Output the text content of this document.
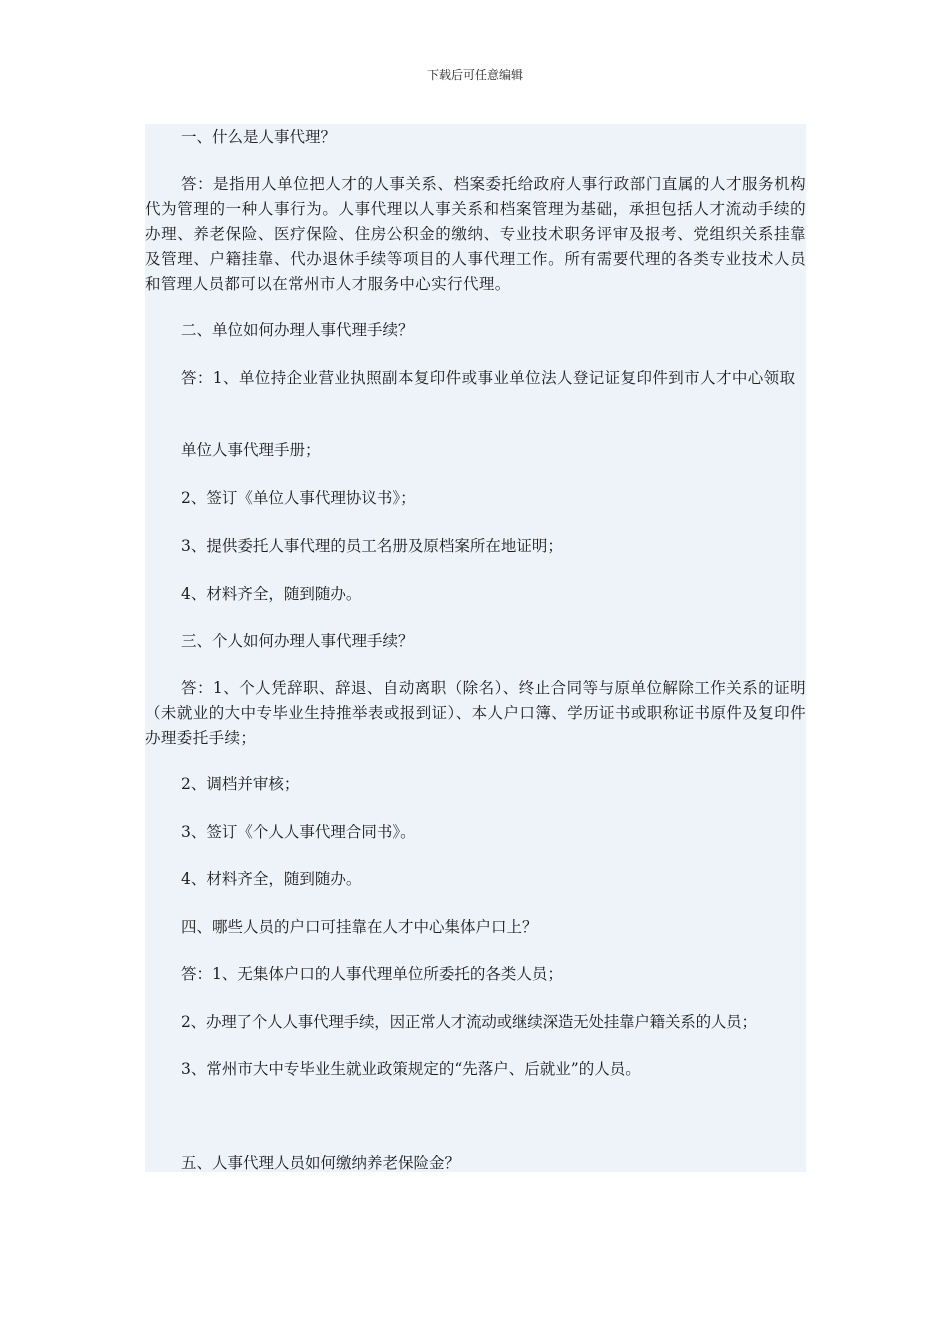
下载后可任意编辑
一、什么是人事代理？
答：是指用人单位把人才的人事关系、档案委托给政府人事行政部门直属的人才服务机构代为管理的一种人事行为。人事代理以人事关系和档案管理为基础，承担包括人才流动手续的办理、养老保险、医疗保险、住房公积金的缴纳、专业技术职务评审及报考、党组织关系挂靠及管理、户籍挂靠、代办退休手续等项目的人事代理工作。所有需要代理的各类专业技术人员和管理人员都可以在常州市人才服务中心实行代理。
二、单位如何办理人事代理手续？
答：1、单位持企业营业执照副本复印件或事业单位法人登记证复印件到市人才中心领取
单位人事代理手册；
2、签订《单位人事代理协议书》；
3、提供委托人事代理的员工名册及原档案所在地证明；
4、材料齐全，随到随办。
三、个人如何办理人事代理手续？
答：1、个人凭辞职、辞退、自动离职（除名）、终止合同等与原单位解除工作关系的证明（未就业的大中专毕业生持推举表或报到证）、本人户口簿、学历证书或职称证书原件及复印件办理委托手续；
2、调档并审核；
3、签订《个人人事代理合同书》。
4、材料齐全，随到随办。
四、哪些人员的户口可挂靠在人才中心集体户口上？
答：1、无集体户口的人事代理单位所委托的各类人员；
2、办理了个人人事代理手续，因正常人才流动或继续深造无处挂靠户籍关系的人员；
3、常州市大中专毕业生就业政策规定的“先落户、后就业”的人员。
五、人事代理人员如何缴纳养老保险金？
